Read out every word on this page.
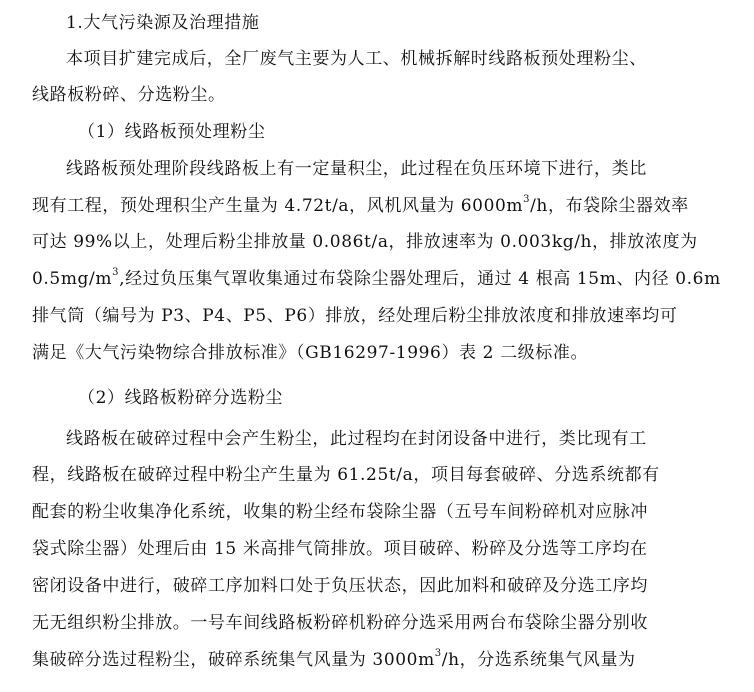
1.大气污染源及治理措施
本项目扩建完成后，全厂废气主要为人工、机械拆解时线路板预处理粉尘、
线路板粉碎、分选粉尘。
（1）线路板预处理粉尘
线路板预处理阶段线路板上有一定量积尘，此过程在负压环境下进行，类比
现有工程，预处理积尘产生量为 4.72t/a，风机风量为 $6000m^3/h$，布袋除尘器效率
可达 99%以上，处理后粉尘排放量 0.086t/a，排放速率为 0.003kg/h，排放浓度为
$0.5mg/m^3$,经过负压集气罩收集通过布袋除尘器处理后，通过 4 根高 15m、内径 0.6m
排气筒（编号为 P3、P4、P5、P6）排放，经处理后粉尘排放浓度和排放速率均可
满足《大气污染物综合排放标准》（GB16297-1996）表 2 二级标准。
（2）线路板粉碎分选粉尘
线路板在破碎过程中会产生粉尘，此过程均在封闭设备中进行，类比现有工
程，线路板在破碎过程中粉尘产生量为 61.25t/a，项目每套破碎、分选系统都有
配套的粉尘收集净化系统，收集的粉尘经布袋除尘器（五号车间粉碎机对应脉冲
袋式除尘器）处理后由 15 米高排气筒排放。项目破碎、粉碎及分选等工序均在
密闭设备中进行，破碎工序加料口处于负压状态，因此加料和破碎及分选工序均
无无组织粉尘排放。一号车间线路板粉碎机粉碎分选采用两台布袋除尘器分别收
集破碎分选过程粉尘，破碎系统集气风量为 $3000m^3/h$，分选系统集气风量为
